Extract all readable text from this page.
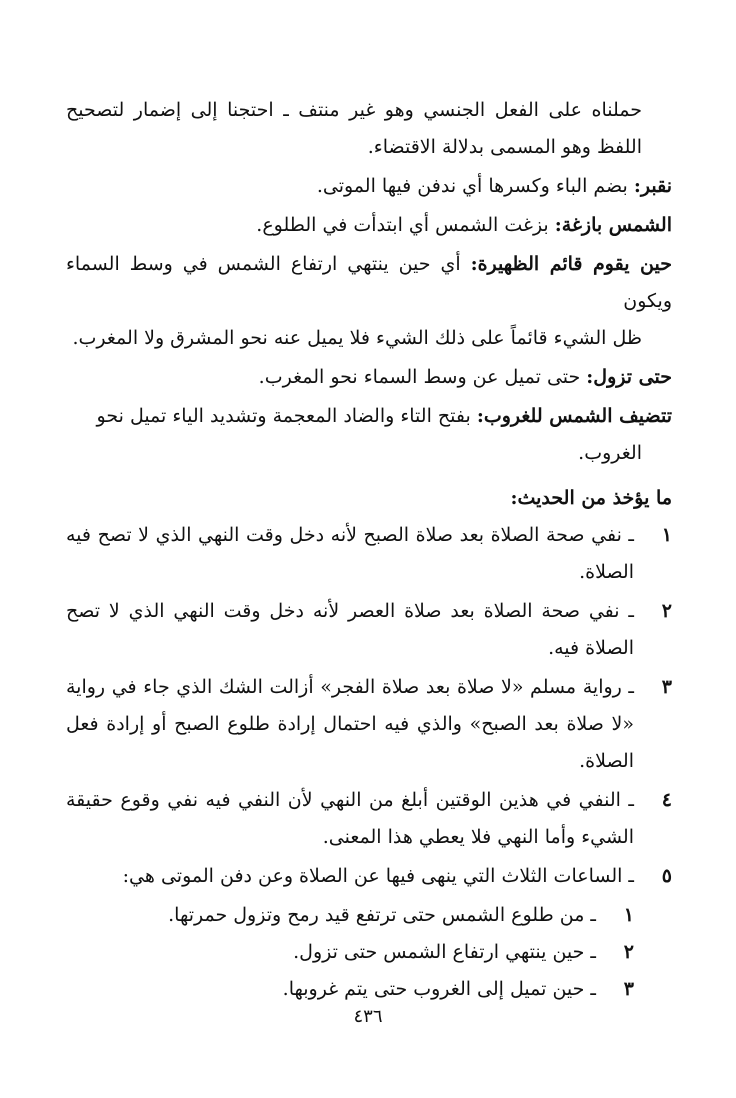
حملناه على الفعل الجنسي وهو غير منتف ـ احتجنا إلى إضمار لتصحيح اللفظ وهو المسمى بدلالة الاقتضاء.
نقبر: بضم الباء وكسرها أي ندفن فيها الموتى.
الشمس بازغة: بزغت الشمس أي ابتدأت في الطلوع.
حين يقوم قائم الظهيرة: أي حين ينتهي ارتفاع الشمس في وسط السماء ويكون
ظل الشيء قائماً على ذلك الشيء فلا يميل عنه نحو المشرق ولا المغرب.
حتى تزول: حتى تميل عن وسط السماء نحو المغرب.
تتضيف الشمس للغروب: بفتح التاء والضاد المعجمة وتشديد الياء تميل نحو
الغروب.
ما يؤخذ من الحديث:
١
ـ نفي صحة الصلاة بعد صلاة الصبح لأنه دخل وقت النهي الذي لا تصح فيه الصلاة.
٢
ـ نفي صحة الصلاة بعد صلاة العصر لأنه دخل وقت النهي الذي لا تصح الصلاة فيه.
٣
ـ رواية مسلم «لا صلاة بعد صلاة الفجر» أزالت الشك الذي جاء في رواية «لا صلاة بعد الصبح» والذي فيه احتمال إرادة طلوع الصبح أو إرادة فعل الصلاة.
٤
ـ النفي في هذين الوقتين أبلغ من النهي لأن النفي فيه نفي وقوع حقيقة الشيء وأما النهي فلا يعطي هذا المعنى.
٥
ـ الساعات الثلاث التي ينهى فيها عن الصلاة وعن دفن الموتى هي:
١
ـ من طلوع الشمس حتى ترتفع قيد رمح وتزول حمرتها.
٢
ـ حين ينتهي ارتفاع الشمس حتى تزول.
٣
ـ حين تميل إلى الغروب حتى يتم غروبها.
٤٣٦
